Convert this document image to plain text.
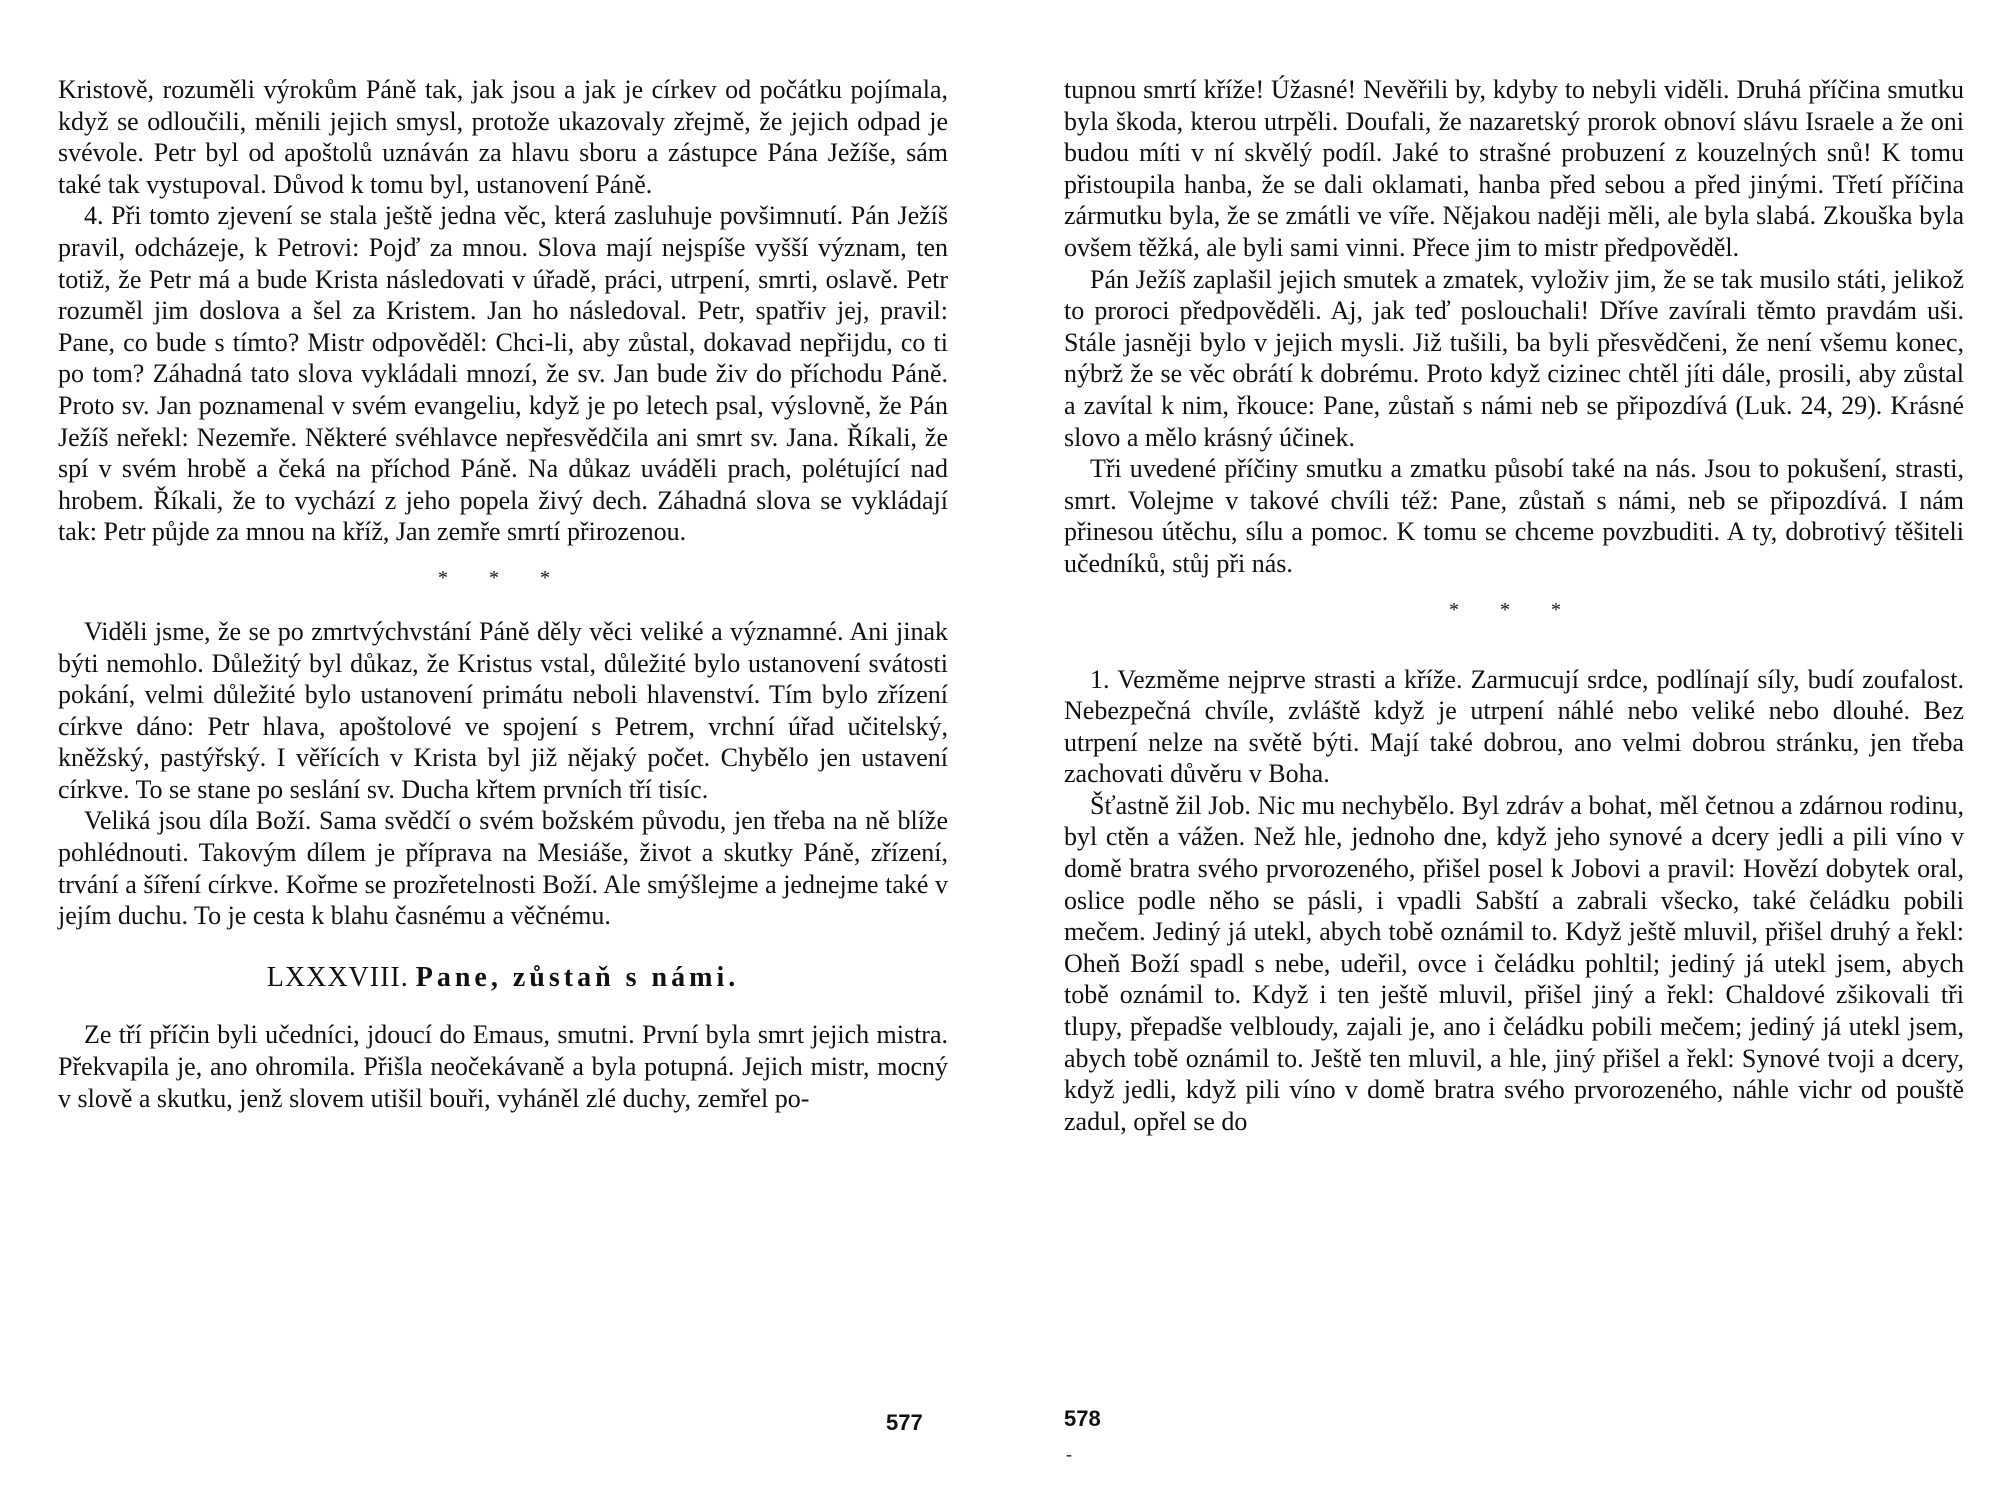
Kristově, rozuměli výrokům Páně tak, jak jsou a jak je církev od počátku pojímala, když se odloučili, měnili jejich smysl, protože ukazovaly zřejmě, že jejich odpad je svévole. Petr byl od apoštolů uznáván za hlavu sboru a zástupce Pána Ježíše, sám také tak vystupoval. Důvod k tomu byl, ustanovení Páně.

4. Při tomto zjevení se stala ještě jedna věc, která zasluhuje povšimnutí. Pán Ježíš pravil, odcházeje, k Petrovi: Pojď za mnou. Slova mají nejspíše vyšší význam, ten totiž, že Petr má a bude Krista následovati v úřadě, práci, utrpení, smrti, oslavě. Petr rozuměl jim doslova a šel za Kristem. Jan ho následoval. Petr, spatřiv jej, pravil: Pane, co bude s tímto? Mistr odpověděl: Chci-li, aby zůstal, dokavad nepřijdu, co ti po tom? Záhadná tato slova vykládali mnozí, že sv. Jan bude živ do příchodu Páně. Proto sv. Jan poznamenal v svém evangeliu, když je po letech psal, výslovně, že Pán Ježíš neřekl: Nezemře. Některé svéhlavce nepřesvědčila ani smrt sv. Jana. Říkali, že spí v svém hrobě a čeká na příchod Páně. Na důkaz uváděli prach, polétující nad hrobem. Říkali, že to vychází z jeho popela živý dech. Záhadná slova se vykládají tak: Petr půjde za mnou na kříž, Jan zemře smrtí přirozenou.

* * *

Viděli jsme, že se po zmrtvýchvstání Páně děly věci veliké a významné. Ani jinak býti nemohlo. Důležitý byl důkaz, že Kristus vstal, důležité bylo ustanovení svátosti pokání, velmi důležité bylo ustanovení primátu neboli hlavenství. Tím bylo zřízení církve dáno: Petr hlava, apoštolové ve spojení s Petrem, vrchní úřad učitelský, kněžský, pastýřský. I věřících v Krista byl již nějaký počet. Chybělo jen ustavení církve. To se stane po seslání sv. Ducha křtem prvních tří tisíc.

Veliká jsou díla Boží. Sama svědčí o svém božském původu, jen třeba na ně blíže pohlédnouti. Takovým dílem je příprava na Mesiáše, život a skutky Páně, zřízení, trvání a šíření církve. Kořme se prozřetelnosti Boží. Ale smýšlejme a jednejme také v jejím duchu. To je cesta k blahu časnému a věčnému.

LXXXVIII. Pane, zůstaň s námi.

Ze tří příčin byli učedníci, jdoucí do Emaus, smutni. První byla smrt jejich mistra. Překvapila je, ano ohromila. Přišla neočekávaně a byla potupná. Jejich mistr, mocný v slově a skutku, jenž slovem utišil bouři, vyháněl zlé duchy, zemřel po-

577

tupnou smrtí kříže! Úžasné! Nevěřili by, kdyby to nebyli viděli. Druhá příčina smutku byla škoda, kterou utrpěli. Doufali, že nazaretský prorok obnoví slávu Israele a že oni budou míti v ní skvělý podíl. Jaké to strašné probuzení z kouzelných snů! K tomu přistoupila hanba, že se dali oklamati, hanba před sebou a před jinými. Třetí příčina zármutku byla, že se zmátli ve víře. Nějakou naději měli, ale byla slabá. Zkouška byla ovšem těžká, ale byli sami vinni. Přece jim to mistr předpověděl.

Pán Ježíš zaplašil jejich smutek a zmatek, vyloživ jim, že se tak musilo státi, jelikož to proroci předpověděli. Aj, jak teď poslouchali! Dříve zavírali těmto pravdám uši. Stále jasněji bylo v jejich mysli. Již tušili, ba byli přesvědčeni, že není všemu konec, nýbrž že se věc obrátí k dobrému. Proto když cizinec chtěl jíti dále, prosili, aby zůstal a zavítal k nim, řkouce: Pane, zůstaň s námi neb se připozdívá (Luk. 24, 29). Krásné slovo a mělo krásný účinek.

Tři uvedené příčiny smutku a zmatku působí také na nás. Jsou to pokušení, strasti, smrt. Volejme v takové chvíli též: Pane, zůstaň s námi, neb se připozdívá. I nám přinesou útěchu, sílu a pomoc. K tomu se chceme povzbuditi. A ty, dobrotivý těšiteli učedníků, stůj při nás.

* * *

1. Vezměme nejprve strasti a kříže. Zarmucují srdce, podlínají síly, budí zoufalost. Nebezpečná chvíle, zvláště když je utrpení náhlé nebo veliké nebo dlouhé. Bez utrpení nelze na světě býti. Mají také dobrou, ano velmi dobrou stránku, jen třeba zachovati důvěru v Boha.

Šťastně žil Job. Nic mu nechybělo. Byl zdráv a bohat, měl četnou a zdárnou rodinu, byl ctěn a vážen. Než hle, jednoho dne, když jeho synové a dcery jedli a pili víno v domě bratra svého prvorozeného, přišel posel k Jobovi a pravil: Hovězí dobytek oral, oslice podle něho se pásli, i vpadli Sabští a zabrali všecko, také čeládku pobili mečem. Jediný já utekl, abych tobě oznámil to. Když ještě mluvil, přišel druhý a řekl: Oheň Boží spadl s nebe, udeřil, ovce i čeládku pohltil; jediný já utekl jsem, abych tobě oznámil to. Když i ten ještě mluvil, přišel jiný a řekl: Chaldové zšikovali tři tlupy, přepadše velbloudy, zajali je, ano i čeládku pobili mečem; jediný já utekl jsem, abych tobě oznámil to. Ještě ten mluvil, a hle, jiný přišel a řekl: Synové tvoji a dcery, když jedli, když pili víno v domě bratra svého prvorozeného, náhle vichr od pouště zadul, opřel se do

578
-
